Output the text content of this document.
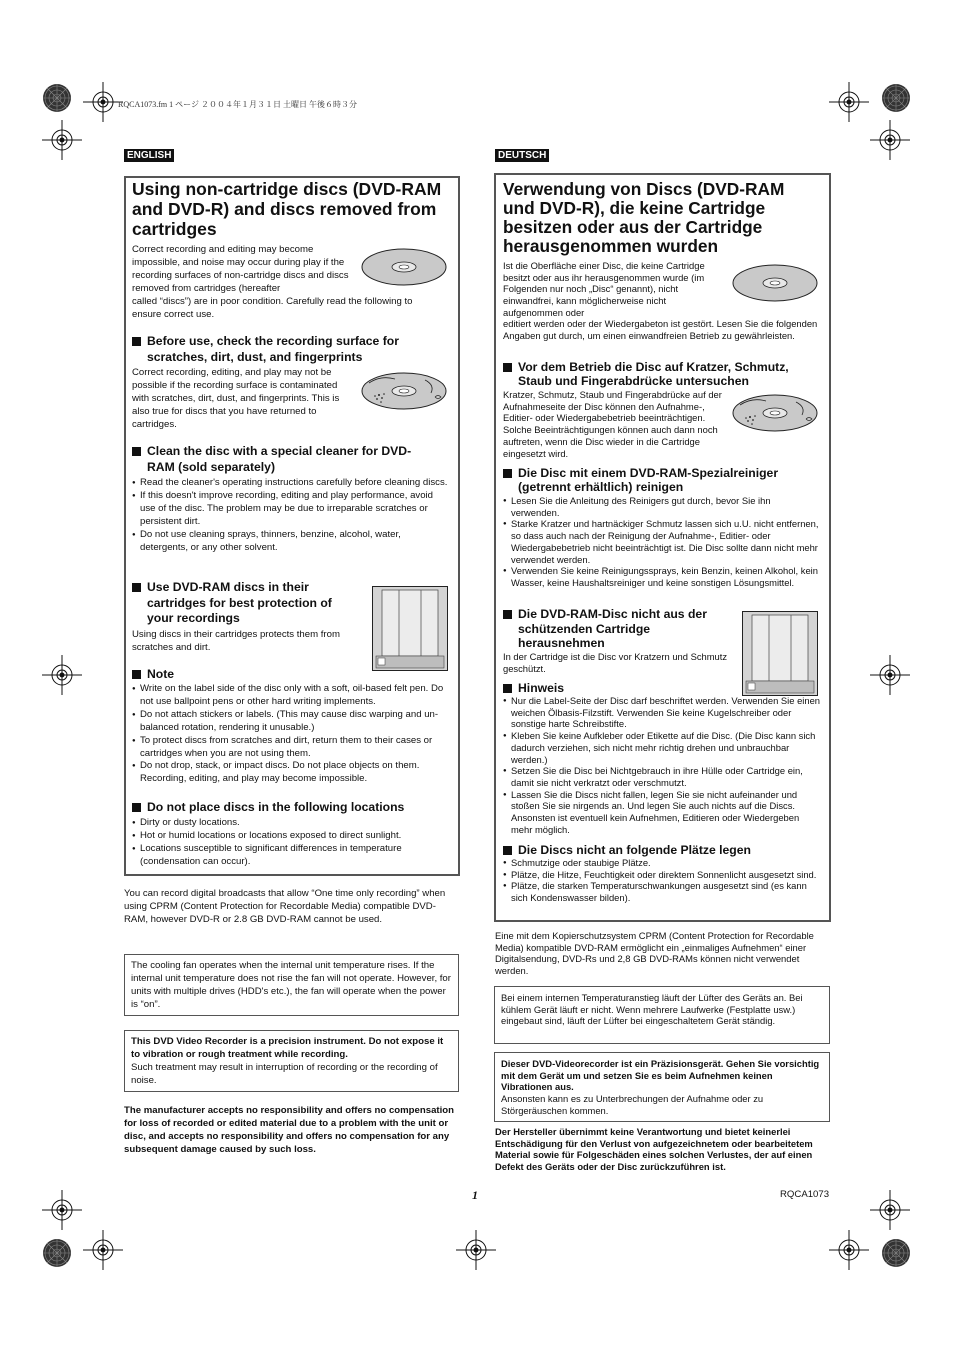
RQCA1073.fm 1 ページ ２００４年１月３１日 土曜日 午後６時３分
ENGLISH
Using non-cartridge discs (DVD-RAM and DVD-R) and discs removed from cartridges
Correct recording and editing may become impossible, and noise may occur during play if the recording surfaces of non-cartridge discs and discs removed from cartridges (hereafter
called “discs”) are in poor condition. Carefully read the following to ensure correct use.
Before use, check the recording surface for scratches, dirt, dust, and fingerprints
Correct recording, editing, and play may not be possible if the recording surface is contaminated with scratches, dirt, dust, and fingerprints. This is also true for discs that you have returned to cartridges.
Clean the disc with a special cleaner for DVD-RAM (sold separately)
● Read the cleaner's operating instructions carefully before cleaning discs.
● If this doesn't improve recording, editing and play performance, avoid use of the disc. The problem may be due to irreparable scratches or persistent dirt.
● Do not use cleaning sprays, thinners, benzine, alcohol, water, detergents, or any other solvent.
Use DVD-RAM discs in their cartridges for best protection of your recordings
Using discs in their cartridges protects them from scratches and dirt.
Note
● Write on the label side of the disc only with a soft, oil-based felt pen. Do not use ballpoint pens or other hard writing implements.
● Do not attach stickers or labels. (This may cause disc warping and un-balanced rotation, rendering it unusable.)
● To protect discs from scratches and dirt, return them to their cases or cartridges when you are not using them.
● Do not drop, stack, or impact discs. Do not place objects on them. Recording, editing, and play may become impossible.
Do not place discs in the following locations
● Dirty or dusty locations.
● Hot or humid locations or locations exposed to direct sunlight.
● Locations susceptible to significant differences in temperature (condensation can occur).
You can record digital broadcasts that allow “One time only recording” when using CPRM (Content Protection for Recordable Media) compatible DVD-RAM, however DVD-R or 2.8 GB DVD-RAM cannot be used.
The cooling fan operates when the internal unit temperature rises. If the internal unit temperature does not rise the fan will not operate. However, for units with multiple drives (HDD's etc.), the fan will operate when the power is “on”.
This DVD Video Recorder is a precision instrument. Do not expose it to vibration or rough treatment while recording.
Such treatment may result in interruption of recording or the recording of noise.
The manufacturer accepts no responsibility and offers no compensation for loss of recorded or edited material due to a problem with the unit or disc, and accepts no responsibility and offers no compensation for any subsequent damage caused by such loss.
DEUTSCH
Verwendung von Discs (DVD-RAM und DVD-R), die keine Cartridge besitzen oder aus der Cartridge herausgenommen wurden
Ist die Oberfläche einer Disc, die keine Cartridge besitzt oder aus ihr herausgenommen wurde (im Folgenden nur noch „Disc“ genannt), nicht einwandfrei, kann möglicherweise nicht aufgenommen oder
editiert werden oder der Wiedergabeton ist gestört. Lesen Sie die folgenden Angaben gut durch, um einen einwandfreien Betrieb zu gewährleisten.
Vor dem Betrieb die Disc auf Kratzer, Schmutz, Staub und Fingerabdrücke untersuchen
Kratzer, Schmutz, Staub und Fingerabdrücke auf der Aufnahmeseite der Disc können den Aufnahme-, Editier- oder Wiedergabebetrieb beeinträchtigen. Solche Beeinträchtigungen können auch dann noch auftreten, wenn die Disc wieder in die Cartridge eingesetzt wird.
Die Disc mit einem DVD-RAM-Spezialreiniger (getrennt erhältlich) reinigen
● Lesen Sie die Anleitung des Reinigers gut durch, bevor Sie ihn verwenden.
● Starke Kratzer und hartnäckiger Schmutz lassen sich u.U. nicht entfernen, so dass auch nach der Reinigung der Aufnahme-, Editier- oder Wiedergabebetrieb nicht beeinträchtigt ist. Die Disc sollte dann nicht mehr verwendet werden.
● Verwenden Sie keine Reinigungssprays, kein Benzin, keinen Alkohol, kein Wasser, keine Haushaltsreiniger und keine sonstigen Lösungsmittel.
Die DVD-RAM-Disc nicht aus der schützenden Cartridge herausnehmen
In der Cartridge ist die Disc vor Kratzern und Schmutz geschützt.
Hinweis
● Nur die Label-Seite der Disc darf beschriftet werden. Verwenden Sie einen weichen Ölbasis-Filzstift. Verwenden Sie keine Kugelschreiber oder sonstige harte Schreibstifte.
● Kleben Sie keine Aufkleber oder Etikette auf die Disc. (Die Disc kann sich dadurch verziehen, sich nicht mehr richtig drehen und unbrauchbar werden.)
● Setzen Sie die Disc bei Nichtgebrauch in ihre Hülle oder Cartridge ein, damit sie nicht verkratzt oder verschmutzt.
● Lassen Sie die Discs nicht fallen, legen Sie sie nicht aufeinander und stoßen Sie sie nirgends an. Und legen Sie auch nichts auf die Discs. Ansonsten ist eventuell kein Aufnehmen, Editieren oder Wiedergeben mehr möglich.
Die Discs nicht an folgende Plätze legen
● Schmutzige oder staubige Plätze.
● Plätze, die Hitze, Feuchtigkeit oder direktem Sonnenlicht ausgesetzt sind.
● Plätze, die starken Temperaturschwankungen ausgesetzt sind (es kann sich Kondenswasser bilden).
Eine mit dem Kopierschutzsystem CPRM (Content Protection for Recordable Media) kompatible DVD-RAM ermöglicht ein „einmaliges Aufnehmen“ einer Digitalsendung, DVD-Rs und 2,8 GB DVD-RAMs können nicht verwendet werden.
Bei einem internen Temperaturanstieg läuft der Lüfter des Geräts an. Bei kühlem Gerät läuft er nicht. Wenn mehrere Laufwerke (Festplatte usw.) eingebaut sind, läuft der Lüfter bei eingeschaltetem Gerät ständig.
Dieser DVD-Videorecorder ist ein Präzisionsgerät. Gehen Sie vorsichtig mit dem Gerät um und setzen Sie es beim Aufnehmen keinen Vibrationen aus.
Ansonsten kann es zu Unterbrechungen der Aufnahme oder zu Störgeräuschen kommen.
Der Hersteller übernimmt keine Verantwortung und bietet keinerlei Entschädigung für den Verlust von aufgezeichnetem oder bearbeitetem Material sowie für Folgeschäden eines solchen Verlustes, der auf einen Defekt des Geräts oder der Disc zurückzuführen ist.
1	RQCA1073
